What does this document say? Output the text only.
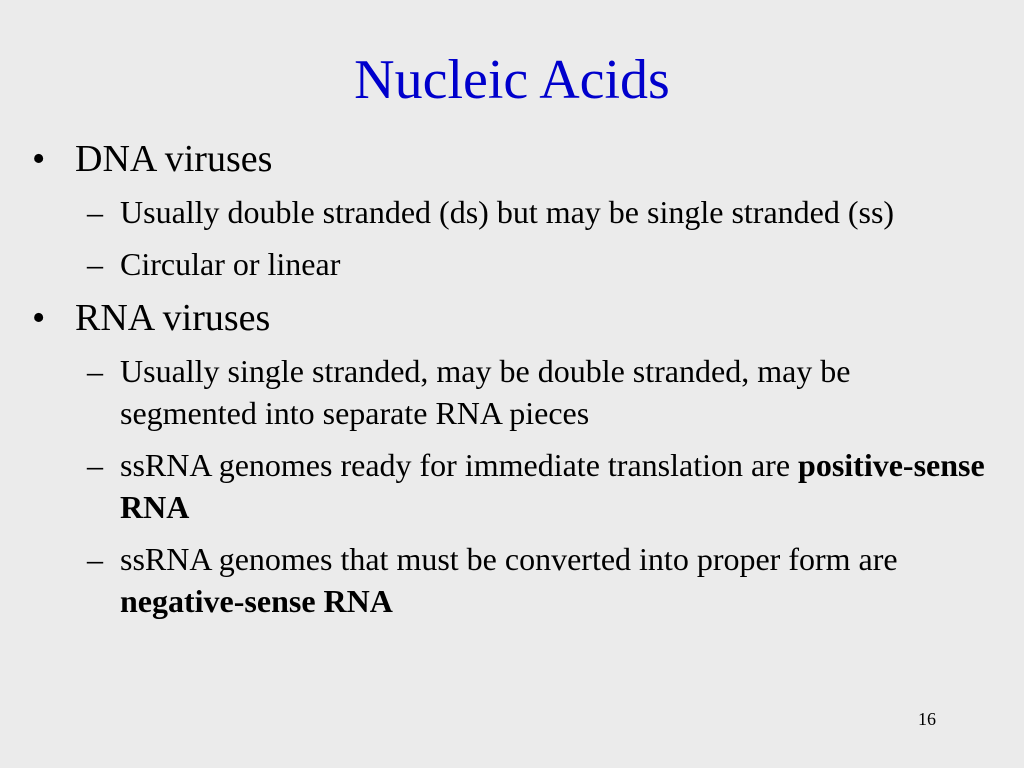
Nucleic Acids
• DNA viruses
– Usually double stranded (ds) but may be single stranded (ss)
– Circular or linear
• RNA viruses
– Usually single stranded, may be double stranded, may be segmented into separate RNA pieces
– ssRNA genomes ready for immediate translation are positive-sense RNA
– ssRNA genomes that must be converted into proper form are negative-sense RNA
16
